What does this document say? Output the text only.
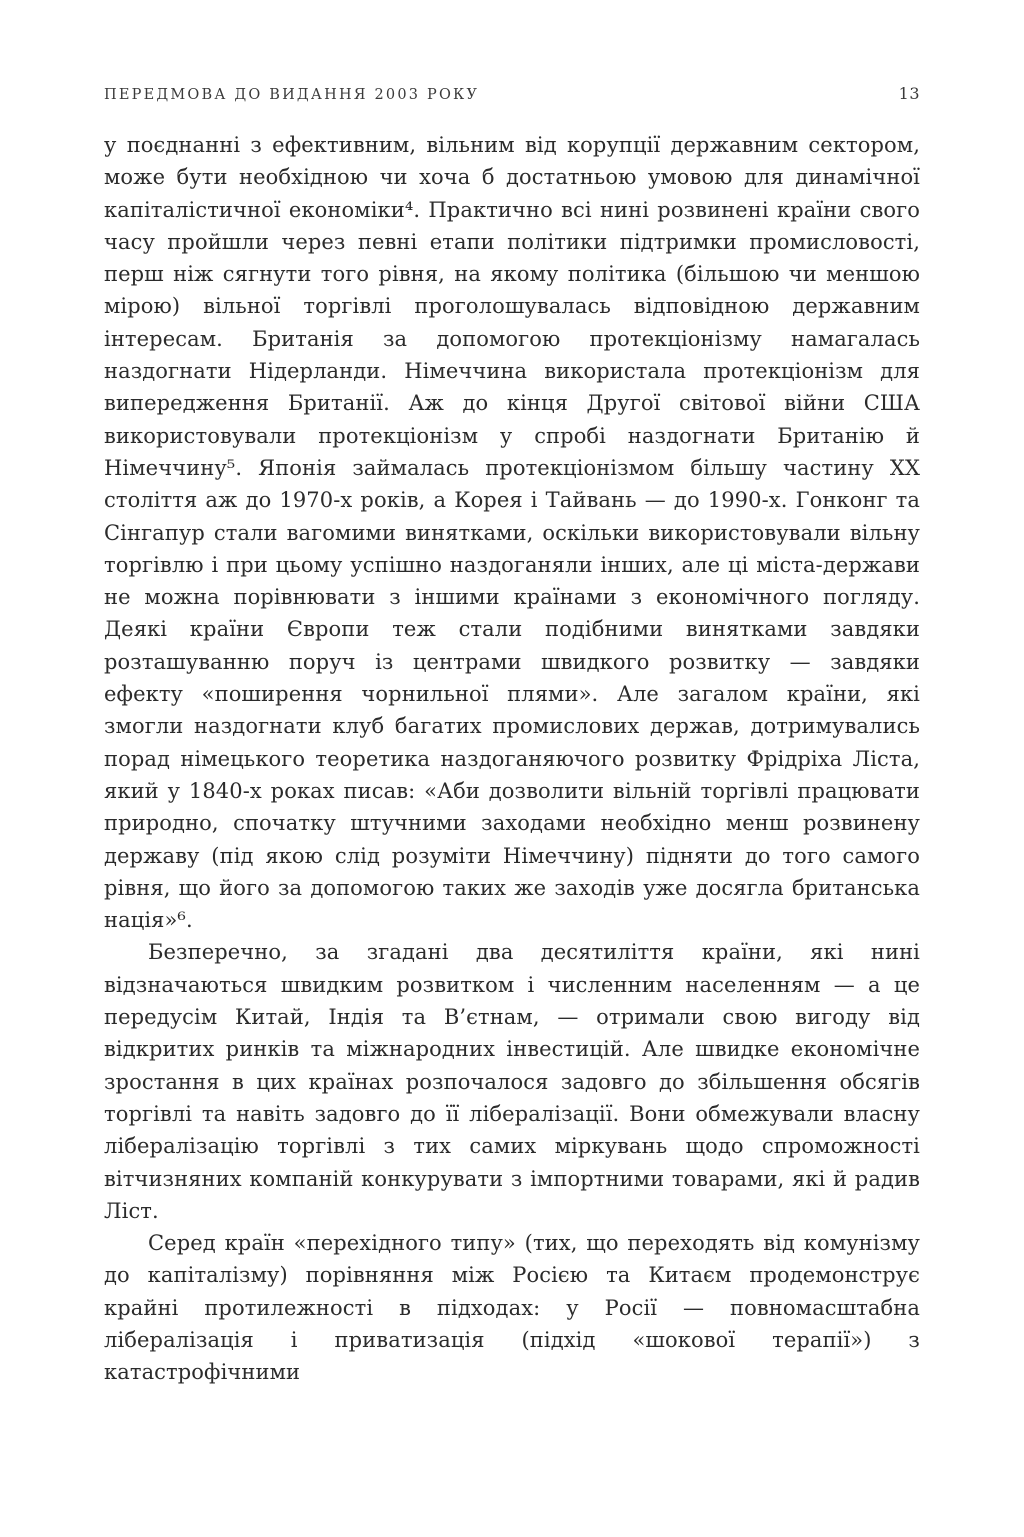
ПЕРЕДМОВА ДО ВИДАННЯ 2003 РОКУ	13

у поєднанні з ефективним, вільним від корупції державним сектором, може бути необхідною чи хоча б достатньою умовою для динамічної капіталістичної економіки⁴. Практично всі нині розвинені країни свого часу пройшли через певні етапи політики підтримки промисловості, перш ніж сягнути того рівня, на якому політика (більшою чи меншою мірою) вільної торгівлі проголошувалась відповідною державним інтересам. Британія за допомогою протекціонізму намагалась наздогнати Нідерланди. Німеччина використала протекціонізм для випередження Британії. Аж до кінця Другої світової війни США використовували протекціонізм у спробі наздогнати Британію й Німеччину⁵. Японія займалась протекціонізмом більшу частину XX століття аж до 1970-х років, а Корея і Тайвань — до 1990-х. Гонконг та Сінгапур стали вагомими винятками, оскільки використовували вільну торгівлю і при цьому успішно наздоганяли інших, але ці міста-держави не можна порівнювати з іншими країнами з економічного погляду. Деякі країни Європи теж стали подібними винятками завдяки розташуванню поруч із центрами швидкого розвитку — завдяки ефекту «поширення чорнильної плями». Але загалом країни, які змогли наздогнати клуб багатих промислових держав, дотримувались порад німецького теоретика наздоганяючого розвитку Фрідріха Ліста, який у 1840-х роках писав: «Аби дозволити вільній торгівлі працювати природно, спочатку штучними заходами необхідно менш розвинену державу (під якою слід розуміти Німеччину) підняти до того самого рівня, що його за допомогою таких же заходів уже досягла британська нація»⁶.

Безперечно, за згадані два десятиліття країни, які нині відзначаються швидким розвитком і численним населенням — а це передусім Китай, Індія та В’єтнам, — отримали свою вигоду від відкритих ринків та міжнародних інвестицій. Але швидке економічне зростання в цих країнах розпочалося задовго до збільшення обсягів торгівлі та навіть задовго до її лібералізації. Вони обмежували власну лібералізацію торгівлі з тих самих міркувань щодо спроможності вітчизняних компаній конкурувати з імпортними товарами, які й радив Ліст.

Серед країн «перехідного типу» (тих, що переходять від комунізму до капіталізму) порівняння між Росією та Китаєм продемонструє крайні протилежності в підходах: у Росії — повномасштабна лібералізація і приватизація (підхід «шокової терапії») з катастрофічними
